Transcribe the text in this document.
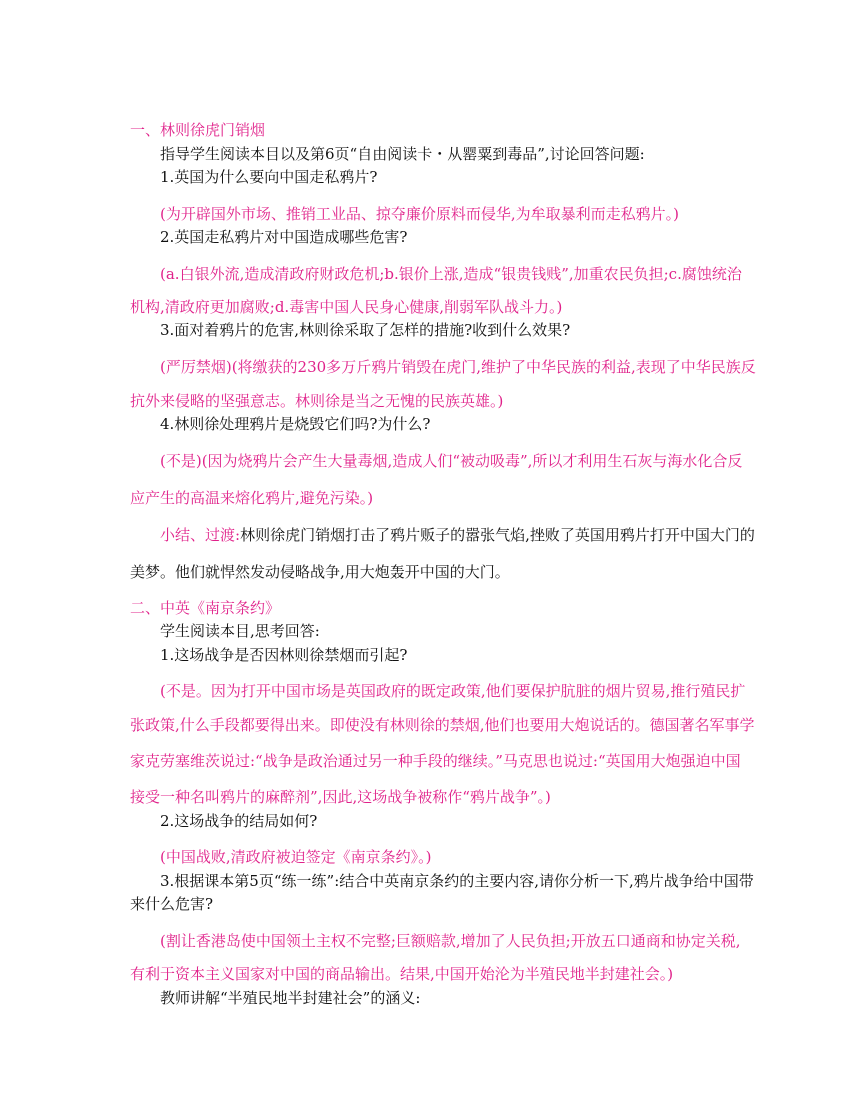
一、林则徐虎门销烟
指导学生阅读本目以及第6页“自由阅读卡・从罂粟到毒品”,讨论回答问题:
1.英国为什么要向中国走私鸦片?
(为开辟国外市场、推销工业品、掠夺廉价原料而侵华,为牟取暴利而走私鸦片。)
2.英国走私鸦片对中国造成哪些危害?
(a.白银外流,造成清政府财政危机;b.银价上涨,造成“银贵钱贱”,加重农民负担;c.腐蚀统治
机构,清政府更加腐败;d.毒害中国人民身心健康,削弱军队战斗力。)
3.面对着鸦片的危害,林则徐采取了怎样的措施?收到什么效果?
(严厉禁烟)(将缴获的230多万斤鸦片销毁在虎门,维护了中华民族的利益,表现了中华民族反
抗外来侵略的坚强意志。林则徐是当之无愧的民族英雄。)
4.林则徐处理鸦片是烧毁它们吗?为什么?
(不是)(因为烧鸦片会产生大量毒烟,造成人们“被动吸毒”,所以才利用生石灰与海水化合反
应产生的高温来熔化鸦片,避免污染。)
小结、过渡:林则徐虎门销烟打击了鸦片贩子的嚣张气焰,挫败了英国用鸦片打开中国大门的
美梦。他们就悍然发动侵略战争,用大炮轰开中国的大门。
二、中英《南京条约》
学生阅读本目,思考回答:
1.这场战争是否因林则徐禁烟而引起?
(不是。因为打开中国市场是英国政府的既定政策,他们要保护肮脏的烟片贸易,推行殖民扩
张政策,什么手段都要得出来。即使没有林则徐的禁烟,他们也要用大炮说话的。德国著名军事学
家克劳塞维茨说过:“战争是政治通过另一种手段的继续。”马克思也说过:“英国用大炮强迫中国
接受一种名叫鸦片的麻醉剂”,因此,这场战争被称作“鸦片战争”。)
2.这场战争的结局如何?
(中国战败,清政府被迫签定《南京条约》。)
3.根据课本第5页“练一练”:结合中英南京条约的主要内容,请你分析一下,鸦片战争给中国带
来什么危害?
(割让香港岛使中国领土主权不完整;巨额赔款,增加了人民负担;开放五口通商和协定关税,
有利于资本主义国家对中国的商品输出。结果,中国开始沦为半殖民地半封建社会。)
教师讲解“半殖民地半封建社会”的涵义:
